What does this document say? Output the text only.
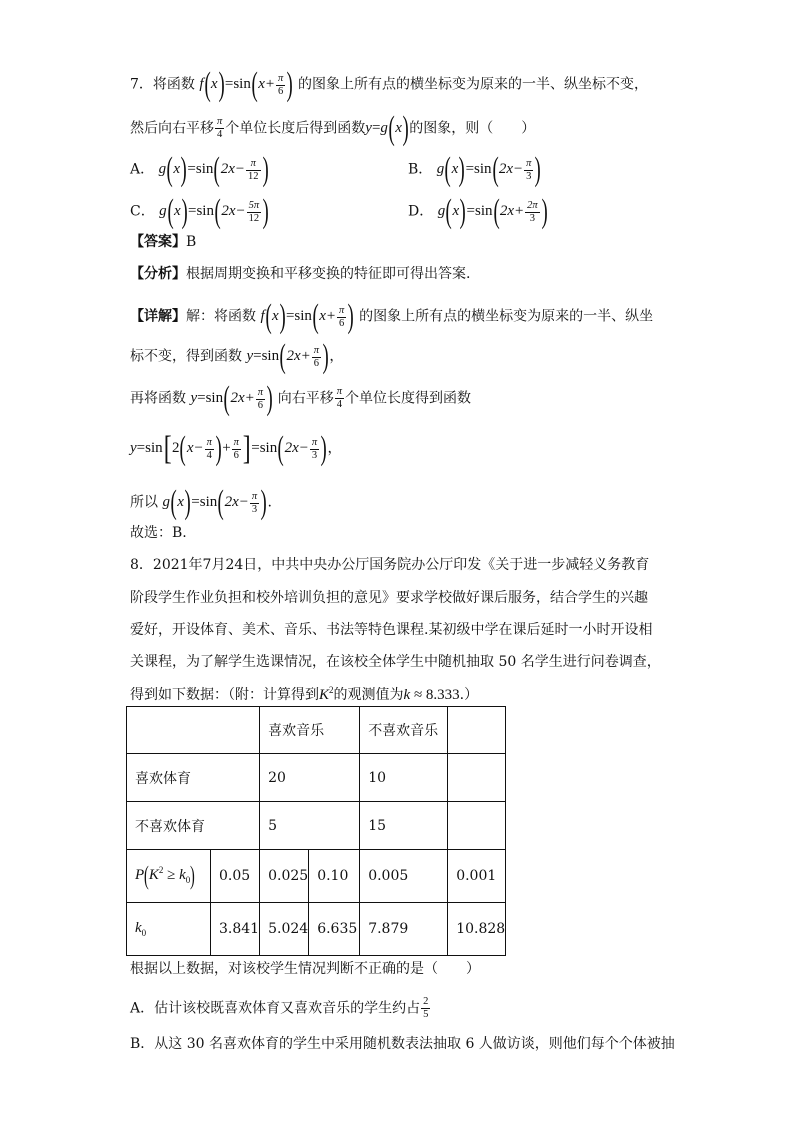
7．将函数 $f(x)=\sin(x+ \frac{\pi}{6}$ ) 的图象上所有点的横坐标变为原来的一半、纵坐标不变，
然后向右平移 $\frac{\pi}{4}$ 个单位长度后得到函数y=g(x)的图象，则（　　）
A． $g(x)=\sin(2x- \frac{\pi}{12}$ )	B． $g(x)=\sin(2x- \frac{\pi}{3}$ )
C． $g(x)=\sin(2x- \frac{5\pi}{12}$ )	D． $g(x)=\sin(2x+ \frac{2\pi}{3}$ )
【答案】B
【分析】根据周期变换和平移变换的特征即可得出答案.
【详解】解：将函数 $f(x)=\sin(x+ \frac{\pi}{6}$ ) 的图象上所有点的横坐标变为原来的一半、纵坐
标不变，得到函数 $y=\sin(2x+ \frac{\pi}{6}$ )，
再将函数 $y=\sin(2x+ \frac{\pi}{6}$ ) 向右平移 $\frac{\pi}{4}$ 个单位长度得到函数
$y=\sin[2(x- \frac{\pi}{4}$ )+ $\frac{\pi}{6} ]=\sin(2x- \frac{\pi}{3}$ )，
所以 $g(x)=\sin(2x- \frac{\pi}{3}$ ).
故选：B.
8．2021年7月24日，中共中央办公厅国务院办公厅印发《关于进一步减轻义务教育
阶段学生作业负担和校外培训负担的意见》要求学校做好课后服务，结合学生的兴趣
爱好，开设体育、美术、音乐、书法等特色课程.某初级中学在课后延时一小时开设相
关课程，为了解学生选课情况，在该校全体学生中随机抽取 50 名学生进行问卷调查，
得到如下数据：（附：计算得到$K^2$的观测值为k ≈ 8.333.）
		喜欢音乐		不喜欢音乐	
喜欢体育		20		10	
不喜欢体育		5		15	
$P(K^2 \ge k_0)$	0.05	0.025	0.10	0.005	0.001
$k_0$	3.841	5.024	6.635	7.879	10.828
根据以上数据，对该校学生情况判断不正确的是（　　）
A．估计该校既喜欢体育又喜欢音乐的学生约占 $\frac{2}{5}$
B．从这 30 名喜欢体育的学生中采用随机数表法抽取 6 人做访谈，则他们每个个体被抽
